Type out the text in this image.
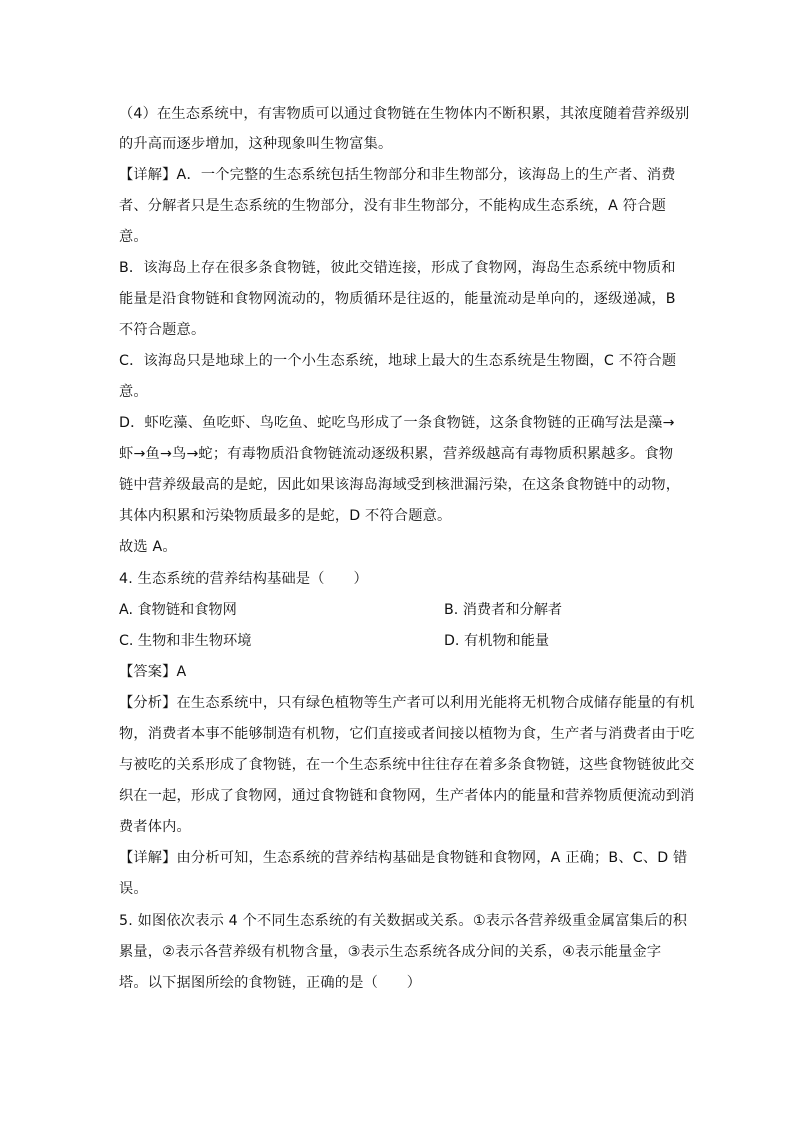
（4）在生态系统中，有害物质可以通过食物链在生物体内不断积累，其浓度随着营养级别
的升高而逐步增加，这种现象叫生物富集。
【详解】A．一个完整的生态系统包括生物部分和非生物部分，该海岛上的生产者、消费
者、分解者只是生态系统的生物部分，没有非生物部分，不能构成生态系统，A 符合题
意。
B．该海岛上存在很多条食物链，彼此交错连接，形成了食物网，海岛生态系统中物质和
能量是沿食物链和食物网流动的，物质循环是往返的，能量流动是单向的，逐级递减，B
不符合题意。
C．该海岛只是地球上的一个小生态系统，地球上最大的生态系统是生物圈，C 不符合题
意。
D．虾吃藻、鱼吃虾、鸟吃鱼、蛇吃鸟形成了一条食物链，这条食物链的正确写法是藻→
虾→鱼→鸟→蛇；有毒物质沿食物链流动逐级积累，营养级越高有毒物质积累越多。食物
链中营养级最高的是蛇，因此如果该海岛海域受到核泄漏污染，在这条食物链中的动物，
其体内积累和污染物质最多的是蛇，D 不符合题意。
故选 A。
4. 生态系统的营养结构基础是（　　）
A. 食物链和食物网	B. 消费者和分解者
C. 生物和非生物环境	D. 有机物和能量
【答案】A
【分析】在生态系统中，只有绿色植物等生产者可以利用光能将无机物合成储存能量的有机
物，消费者本事不能够制造有机物，它们直接或者间接以植物为食，生产者与消费者由于吃
与被吃的关系形成了食物链，在一个生态系统中往往存在着多条食物链，这些食物链彼此交
织在一起，形成了食物网，通过食物链和食物网，生产者体内的能量和营养物质便流动到消
费者体内。
【详解】由分析可知，生态系统的营养结构基础是食物链和食物网，A 正确；B、C、D 错
误。
5. 如图依次表示 4 个不同生态系统的有关数据或关系。①表示各营养级重金属富集后的积
累量，②表示各营养级有机物含量，③表示生态系统各成分间的关系，④表示能量金字
塔。以下据图所绘的食物链，正确的是（　　）
